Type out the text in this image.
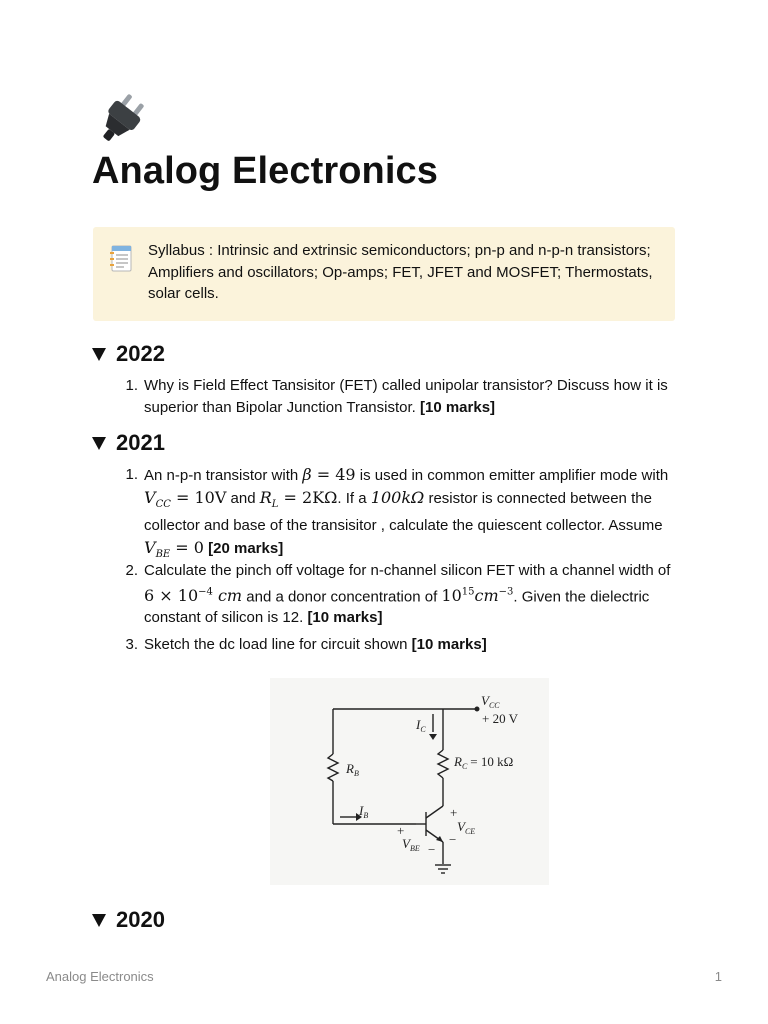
Analog Electronics
Syllabus : Intrinsic and extrinsic semiconductors; pn-p and n-p-n transistors; Amplifiers and oscillators; Op-amps; FET, JFET and MOSFET; Thermostats, solar cells.
2022
1. Why is Field Effect Tansisitor (FET) called unipolar transistor? Discuss how it is superior than Bipolar Junction Transistor. [10 marks]
2021
1. An n-p-n transistor with β = 49 is used in common emitter amplifier mode with $V_{CC} = 10V$ and $R_L = 2K\Omega$. If a 100kΩ resistor is connected between the collector and base of the transisitor , calculate the quiescent collector. Assume $V_{BE} = 0$ [20 marks]
2. Calculate the pinch off voltage for n-channel silicon FET with a channel width of $6 \times 10^{-4}$ cm and a donor concentration of $10^{15}cm^{-3}$. Given the dielectric constant of silicon is 12. [10 marks]
3. Sketch the dc load line for circuit shown [10 marks]
$V_{CC}$
+ 20 V
$I_C$
$R_C = 10$ kΩ
$R_B$
$I_B$
$V_{CE}$
$V_{BE}$
+
−
+
−
2020
Analog Electronics	1
